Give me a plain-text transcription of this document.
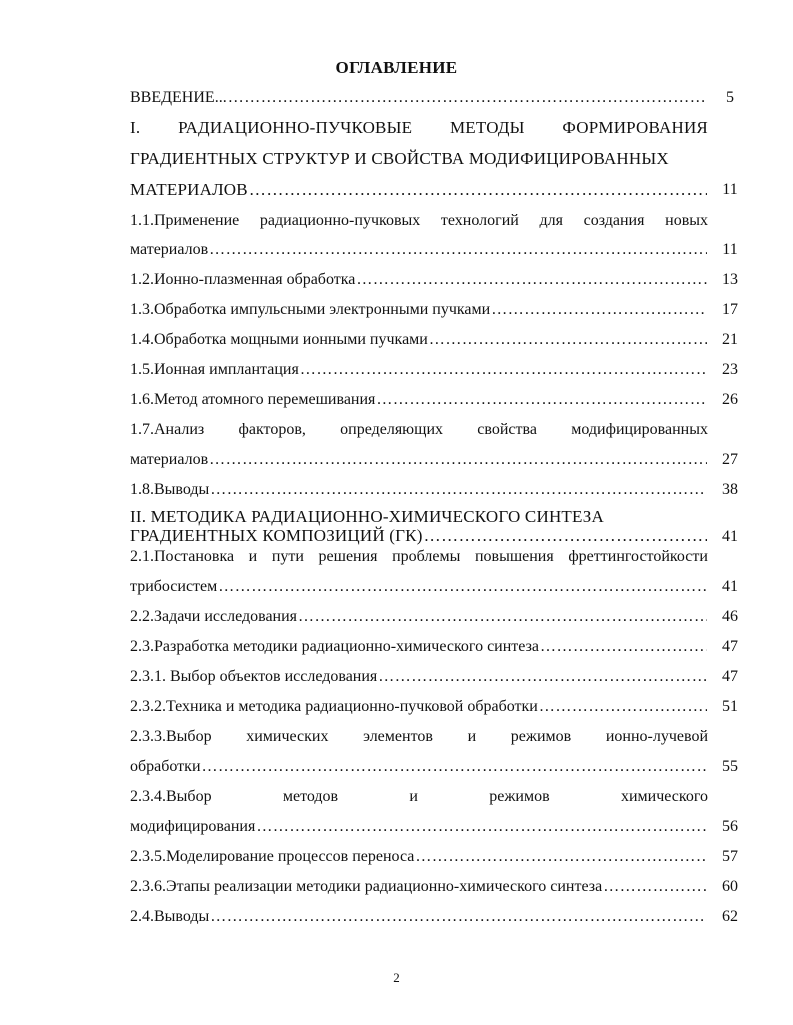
ОГЛАВЛЕНИЕ
ВВЕДЕНИЕ... …………………………………………………………………………………………………………………………………………………………………………………	5
I. РАДИАЦИОННО-ПУЧКОВЫЕ МЕТОДЫ ФОРМИРОВАНИЯ
ГРАДИЕНТНЫХ СТРУКТУР И СВОЙСТВА МОДИФИЦИРОВАННЫХ
МАТЕРИАЛОВ …………………………………………………………………………………………………………………………………………………………………………………	11
1.1.Применение радиационно-пучковых технологий для создания новых
материалов …………………………………………………………………………………………………………………………………………………………………………………	11
1.2.Ионно-плазменная обработка …………………………………………………………………………………………………………………………………………………………………………………	13
1.3.Обработка импульсными электронными пучками …………………………………………………………………………………………………………………………………………………………………………………	17
1.4.Обработка мощными ионными пучками …………………………………………………………………………………………………………………………………………………………………………………	21
1.5.Ионная имплантация …………………………………………………………………………………………………………………………………………………………………………………	23
1.6.Метод атомного перемешивания …………………………………………………………………………………………………………………………………………………………………………………	26
1.7.Анализ факторов, определяющих свойства модифицированных
материалов …………………………………………………………………………………………………………………………………………………………………………………	27
1.8.Выводы …………………………………………………………………………………………………………………………………………………………………………………	38
II. МЕТОДИКА РАДИАЦИОННО-ХИМИЧЕСКОГО СИНТЕЗА
ГРАДИЕНТНЫХ КОМПОЗИЦИЙ (ГК) …………………………………………………………………………………………………………………………………………………………………………………	41
2.1.Постановка и пути решения проблемы повышения фреттингостойкости
трибосистем …………………………………………………………………………………………………………………………………………………………………………………	41
2.2.Задачи исследования …………………………………………………………………………………………………………………………………………………………………………………	46
2.3.Разработка методики радиационно-химического синтеза …………………………………………………………………………………………………………………………………………………………………………………	47
2.3.1. Выбор объектов исследования …………………………………………………………………………………………………………………………………………………………………………………	47
2.3.2.Техника и методика радиационно-пучковой обработки …………………………………………………………………………………………………………………………………………………………………………………	51
2.3.3.Выбор химических элементов и режимов ионно-лучевой
обработки …………………………………………………………………………………………………………………………………………………………………………………	55
2.3.4.Выбор	методов	и	режимов	химического
модифицирования …………………………………………………………………………………………………………………………………………………………………………………	56
2.3.5.Моделирование процессов переноса …………………………………………………………………………………………………………………………………………………………………………………	57
2.3.6.Этапы реализации методики радиационно-химического синтеза …………………………………………………………………………………………………………………………………………………………………………………	60
2.4.Выводы …………………………………………………………………………………………………………………………………………………………………………………	62
2
